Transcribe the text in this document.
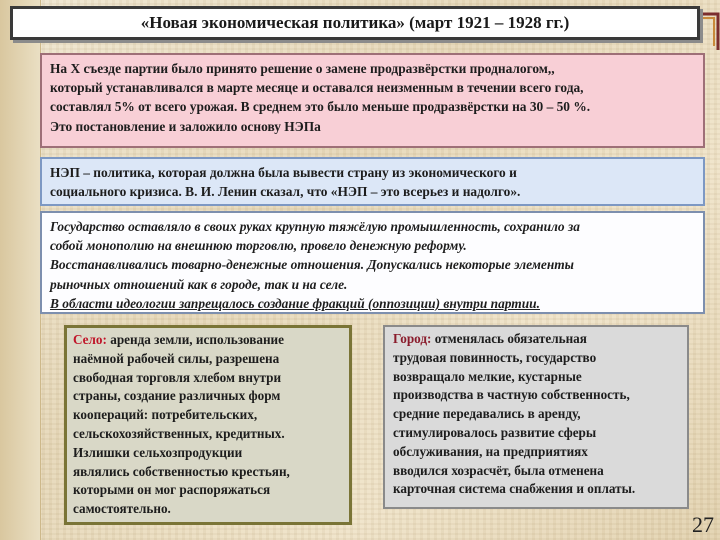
«Новая экономическая политика» (март 1921 – 1928 гг.)
На X съезде партии было принято решение о замене продразвёрстки продналогом,,
который устанавливался в марте месяце и оставался неизменным в течении всего года,
составлял 5% от всего урожая. В среднем это было меньше продразвёрстки на 30 – 50 %.
Это постановление и заложило основу НЭПа
НЭП – политика, которая должна была вывести страну из экономического и
социального кризиса. В. И. Ленин сказал, что «НЭП – это всерьез и надолго».
Государство оставляло в своих руках крупную тяжёлую промышленность, сохранило за
собой монополию на внешнюю торговлю, провело денежную реформу.
Восстанавливались товарно-денежные отношения. Допускались некоторые элементы
рыночных отношений как в городе, так и на селе.
В области идеологии запрещалось создание фракций (оппозиции) внутри партии.
Село: аренда земли, использование
наёмной рабочей силы, разрешена
свободная торговля хлебом внутри
страны, создание различных форм
коопераций: потребительских,
сельскохозяйственных, кредитных.
Излишки сельхозпродукции
являлись собственностью крестьян,
которыми он мог распоряжаться
самостоятельно.
Город: отменялась обязательная
трудовая повинность, государство
возвращало мелкие, кустарные
производства в частную собственность,
средние передавались в аренду,
стимулировалось развитие сферы
обслуживания, на предприятиях
вводился хозрасчёт, была отменена
карточная система снабжения и оплаты.
27
